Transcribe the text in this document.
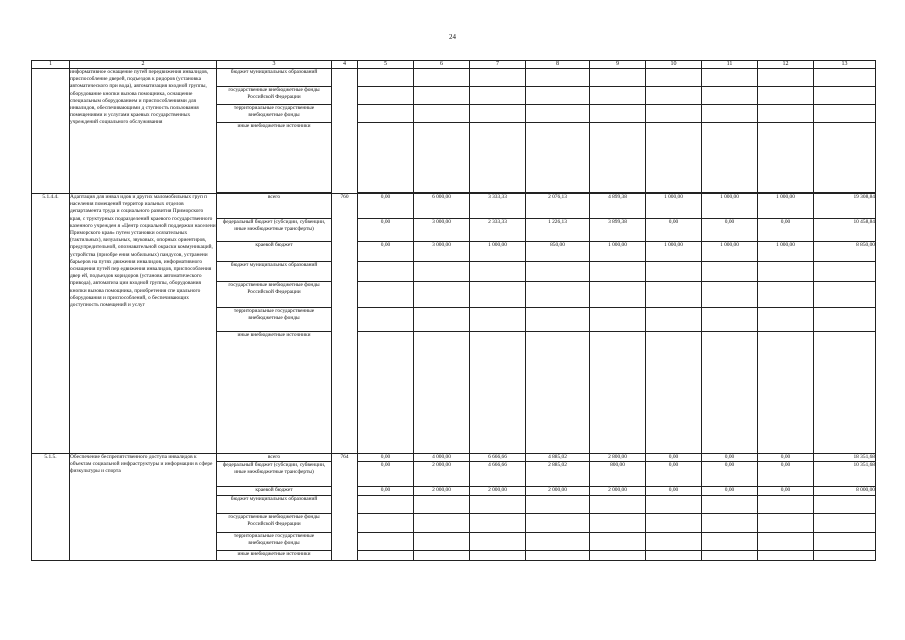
24
1	2	3	4	5	6	7	8	9	10	11	12	13
	информативное оснащение путей передвижения инвалидов, приспособление дверей, подъездов к ридоров (установка автоматического при вода), автоматизация входной группы, оборудование кнопки вызова помощника, оснащение специальным оборудованием и приспособлениями для инвалидов, обеспечивающими д ступность пользования помещениями и услугами краевых государственных учреждений социального обслуживания	бюджет муниципальных образований										
		государственные внебюджетные фонды Российской Федерации										
		территориальные государственные внебюджетные фонды										
		иные внебюджетные источники										

5.1.4.4.	Адаптация для инвал идов и других маломобильных груп п населения помещений территор иальных отделов департамента труда и социального развития Приморского края, с труктурных подразделений краевого государственного казенного учрежден я «Центр социальной поддержки населени Приморского края» путем установки осязательных (тактильных), визуальных, звуковых, опорных ориентиров, предупредительной, опознавательной окраски коммуникаций, устройства (приобре ения мобильных) пандусов, устранени барьеров на путях движения инвалидов, информативного оснащения путей пер едвижения инвалидов, приспособления двер ей, подъездов коридоров (установк автоматического привода), автоматиза ции входной группы, оборудования кнопки вызова помощника, приобретения спе циального оборудования и приспособлений, о беспечивающих доступность помещений и услуг	всего	760	0,00	6 000,00	3 333,33	2 076,13	4 899,38	1 000,00	1 000,00	1 000,00	19 308,84
		федеральный бюджет (субсидии, субвенции, иные межбюджетные трансферты)		0,00	3 000,00	2 333,33	1 226,13	3 899,38	0,00	0,00	0,00	10 458,84
		краевой бюджет		0,00	3 000,00	1 000,00	850,00	1 000,00	1 000,00	1 000,00	1 000,00	8 850,00
		бюджет муниципальных образований										
		государственные внебюджетные фонды Российской Федерации										
		территориальные государственные внебюджетные фонды										
		иные внебюджетные источники										
5.1.5.	Обеспечение беспрепятственного доступа инвалидов к объектам социальной инфраструктуры и информации в сфере физкультуры и спорта	всего	764	0,00	4 000,00	6 666,66	4 885,02	2 800,00	0,00	0,00	0,00	18 351,68
		федеральный бюджет (субсидии, субвенции, иные межбюджетные трансферты)		0,00	2 000,00	4 666,66	2 885,02	800,00	0,00	0,00	0,00	10 351,68
		краевой бюджет		0,00	2 000,00	2 000,00	2 000,00	2 000,00	0,00	0,00	0,00	8 000,00
		бюджет муниципальных образований										
		государственные внебюджетные фонды Российской Федерации										
		территориальные государственные внебюджетные фонды										
		иные внебюджетные источники										
